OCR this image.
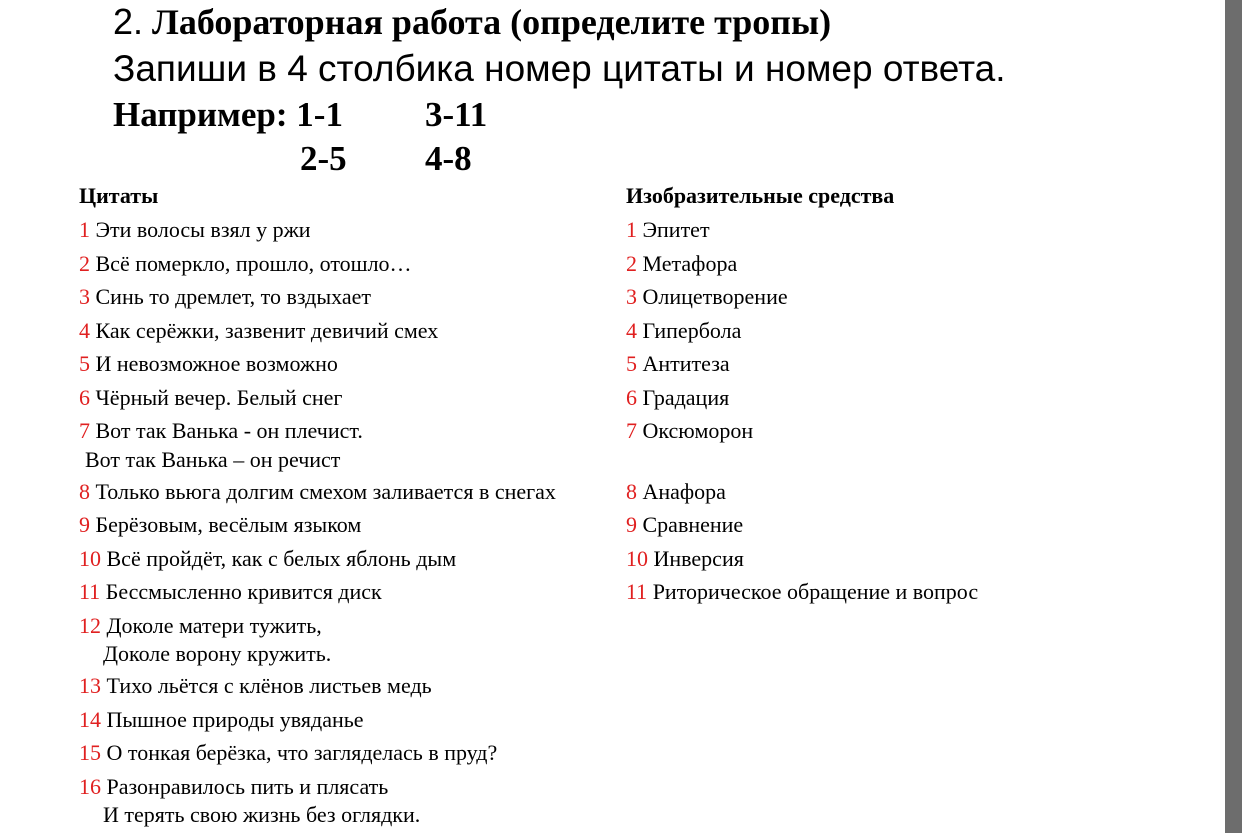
2. Лабораторная работа (определите тропы)
Запиши в 4 столбика номер цитаты и номер ответа.
Например: 1-1 3-11
2-5 4-8
Цитаты	Изобразительные средства
1 Эти волосы взял у ржи
2 Всё померкло, прошло, отошло…
3 Синь то дремлет, то вздыхает
4 Как серёжки, зазвенит девичий смех
5 И невозможное возможно
6 Чёрный вечер. Белый снег
7 Вот так Ванька - он плечист.
Вот так Ванька – он речист
8 Только вьюга долгим смехом заливается в снегах
9 Берёзовым, весёлым языком
10 Всё пройдёт, как с белых яблонь дым
11 Бессмысленно кривится диск
12 Доколе матери тужить,
Доколе ворону кружить.
13 Тихо льётся с клёнов листьев медь
14 Пышное природы увяданье
15 О тонкая берёзка, что загляделась в пруд?
16 Разонравилось пить и плясать
И терять свою жизнь без оглядки.
1 Эпитет
2 Метафора
3 Олицетворение
4 Гипербола
5 Антитеза
6 Градация
7 Оксюморон
8 Анафора
9 Сравнение
10 Инверсия
11 Риторическое обращение и вопрос
